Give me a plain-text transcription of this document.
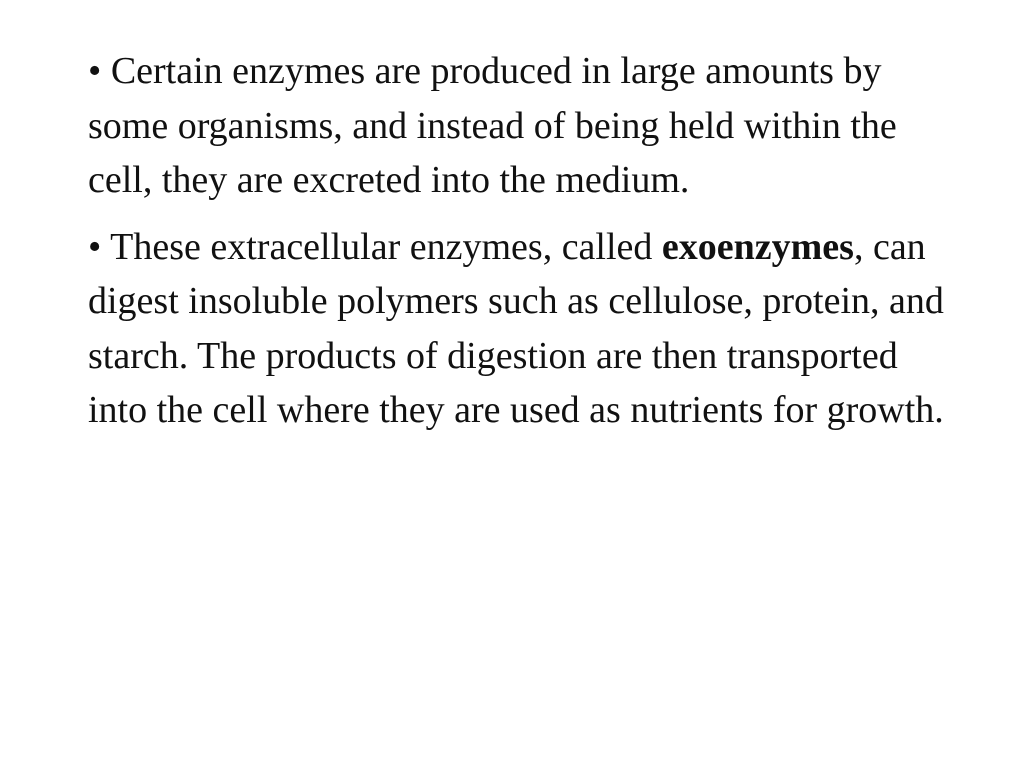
• Certain enzymes are produced in large amounts by some organisms, and instead of being held within the cell, they are excreted into the medium.

• These extracellular enzymes, called exoenzymes, can digest insoluble polymers such as cellulose, protein, and starch. The products of digestion are then transported into the cell where they are used as nutrients for growth.
